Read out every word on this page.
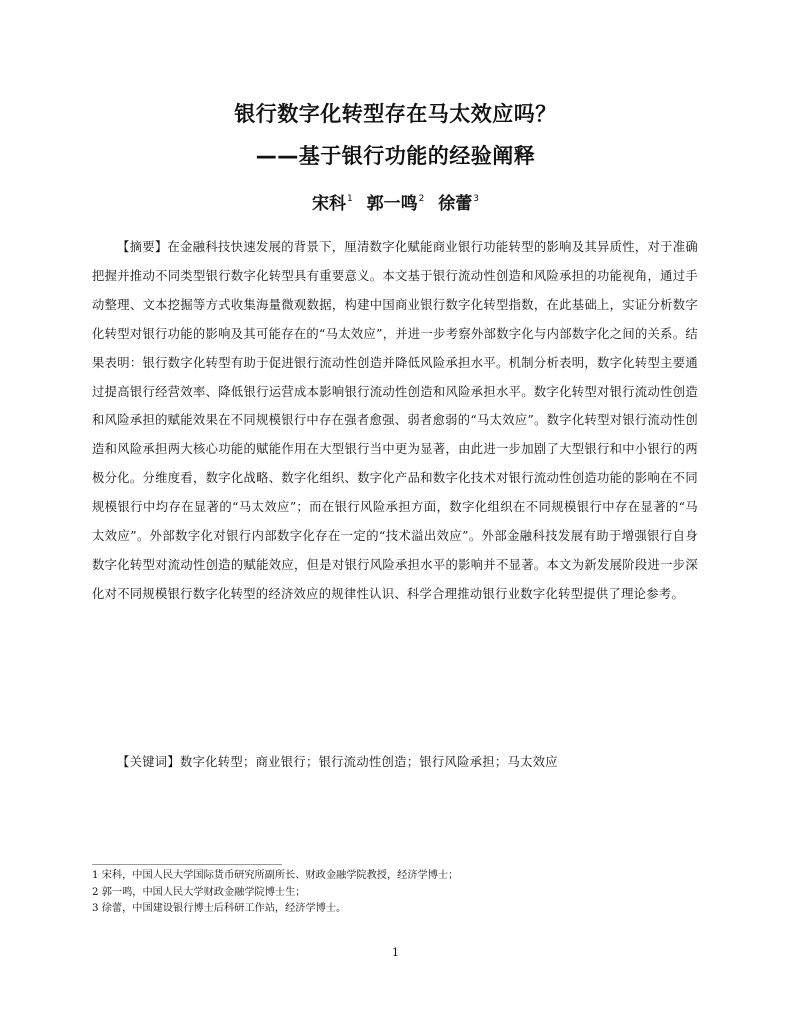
银行数字化转型存在马太效应吗？
——基于银行功能的经验阐释
宋科$^1$ 郭一鸣$^2$ 徐蕾$^3$

【摘要】在金融科技快速发展的背景下，厘清数字化赋能商业银行功能转型的影响及其异质性，对于准确把握并推动不同类型银行数字化转型具有重要意义。本文基于银行流动性创造和风险承担的功能视角，通过手动整理、文本挖掘等方式收集海量微观数据，构建中国商业银行数字化转型指数，在此基础上，实证分析数字化转型对银行功能的影响及其可能存在的“马太效应”，并进一步考察外部数字化与内部数字化之间的关系。结果表明：银行数字化转型有助于促进银行流动性创造并降低风险承担水平。机制分析表明，数字化转型主要通过提高银行经营效率、降低银行运营成本影响银行流动性创造和风险承担水平。数字化转型对银行流动性创造和风险承担的赋能效果在不同规模银行中存在强者愈强、弱者愈弱的“马太效应”。数字化转型对银行流动性创造和风险承担两大核心功能的赋能作用在大型银行当中更为显著，由此进一步加剧了大型银行和中小银行的两极分化。分维度看，数字化战略、数字化组织、数字化产品和数字化技术对银行流动性创造功能的影响在不同规模银行中均存在显著的“马太效应”；而在银行风险承担方面，数字化组织在不同规模银行中存在显著的“马太效应”。外部数字化对银行内部数字化存在一定的“技术溢出效应”。外部金融科技发展有助于增强银行自身数字化转型对流动性创造的赋能效应，但是对银行风险承担水平的影响并不显著。本文为新发展阶段进一步深化对不同规模银行数字化转型的经济效应的规律性认识、科学合理推动银行业数字化转型提供了理论参考。

【关键词】数字化转型；商业银行；银行流动性创造；银行风险承担；马太效应

1 宋科，中国人民大学国际货币研究所副所长、财政金融学院教授，经济学博士；
2 郭一鸣，中国人民大学财政金融学院博士生；
3 徐蕾，中国建设银行博士后科研工作站，经济学博士。
1
